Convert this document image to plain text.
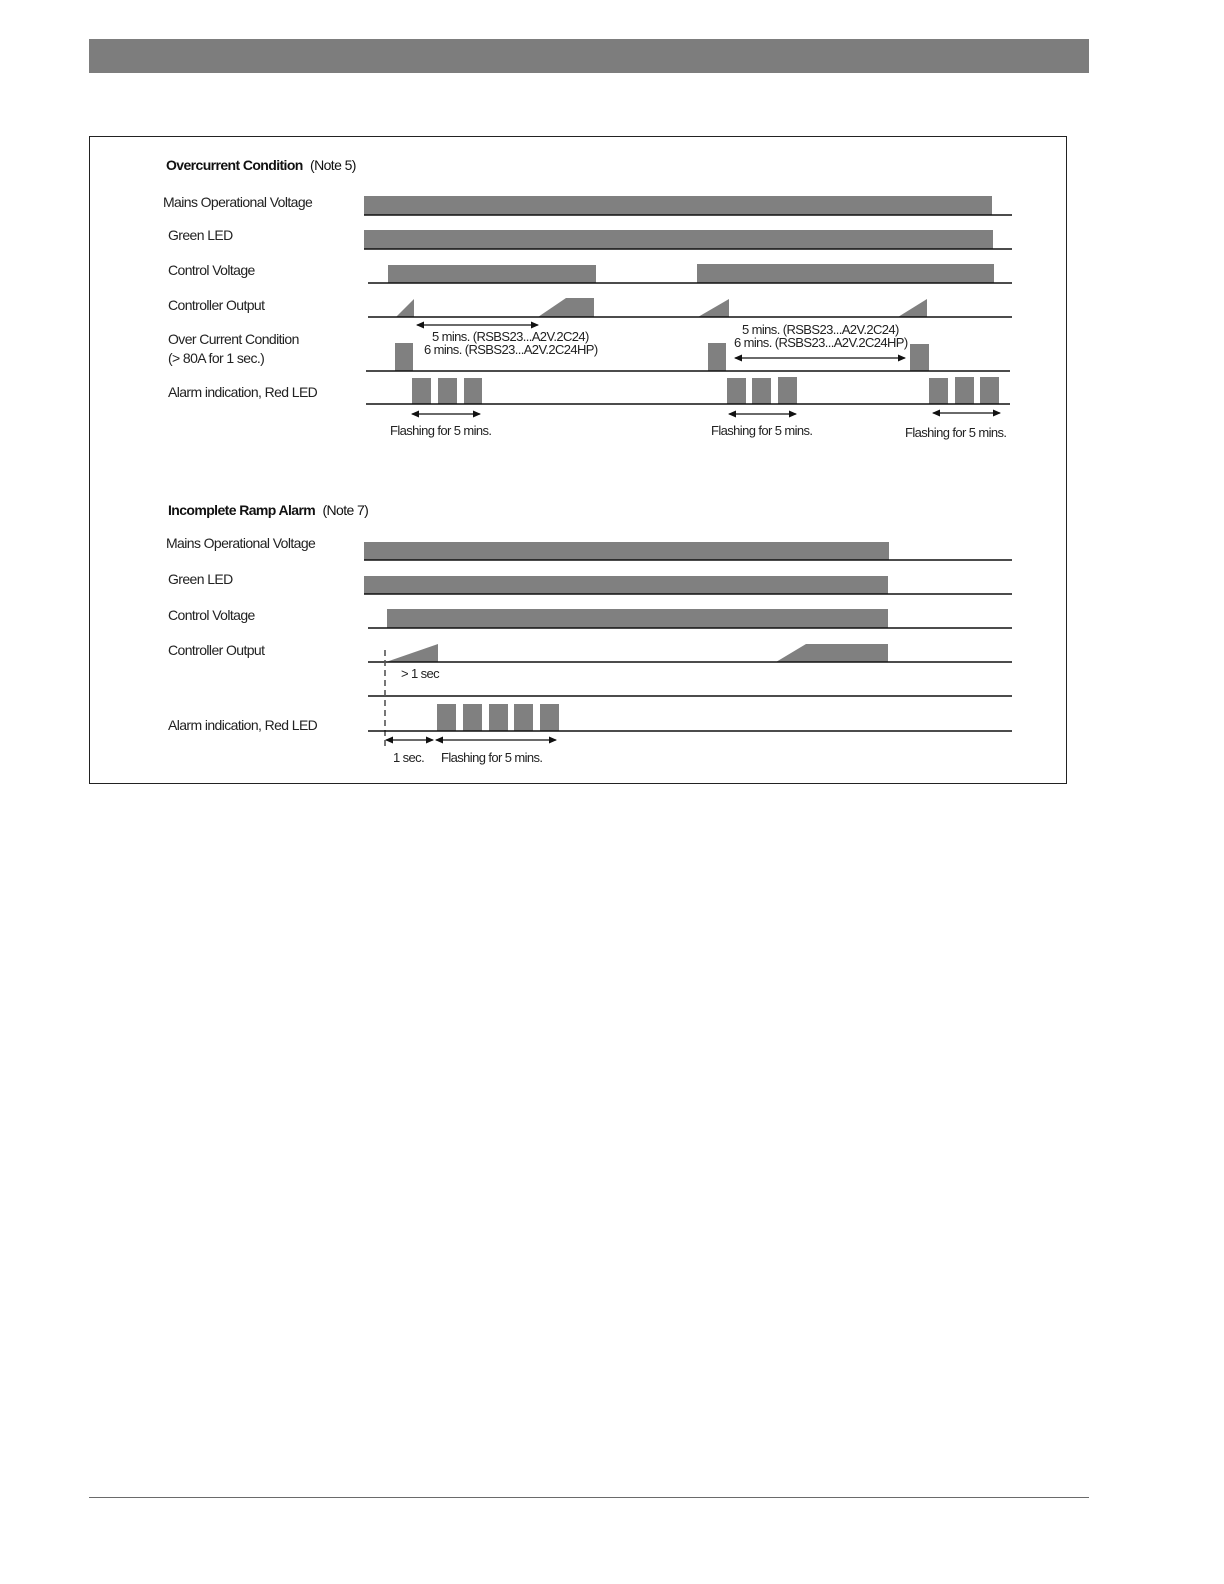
Overcurrent Condition (Note 5)
Mains Operational Voltage
Green LED
Control Voltage
Controller Output
Over Current Condition
(> 80A for 1 sec.)
5 mins. (RSBS23...A2V.2C24)
6 mins. (RSBS23...A2V.2C24HP)
5 mins. (RSBS23...A2V.2C24)
6 mins. (RSBS23...A2V.2C24HP)
Alarm indication, Red LED
Flashing for 5 mins.	Flashing for 5 mins.	Flashing for 5 mins.
Incomplete Ramp Alarm (Note 7)
Mains Operational Voltage
Green LED
Control Voltage
Controller Output
> 1 sec
Alarm indication, Red LED
1 sec. Flashing for 5 mins.
